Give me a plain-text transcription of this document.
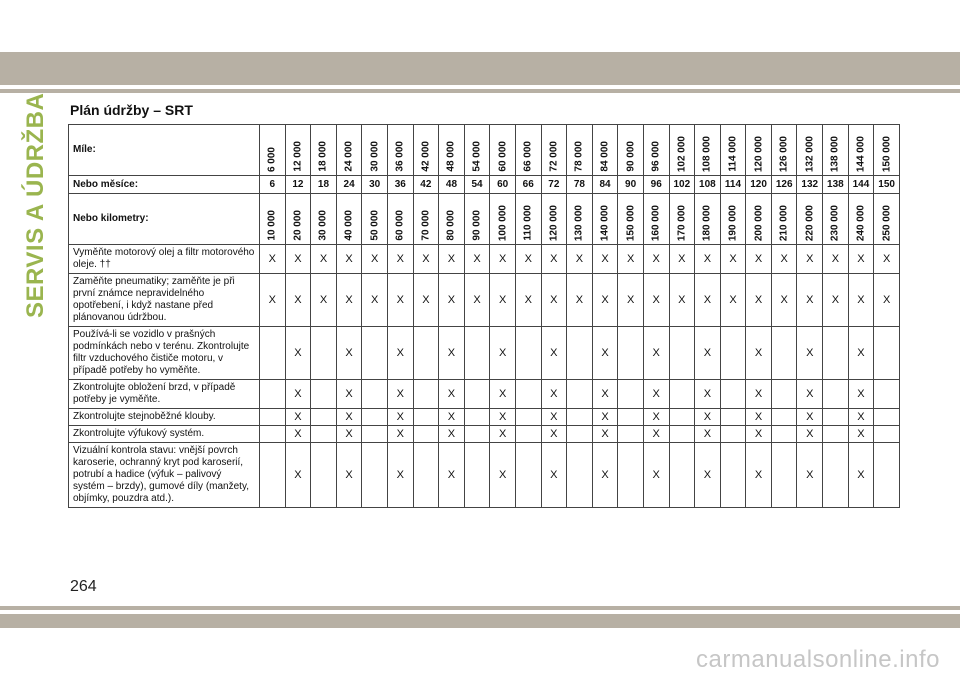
SERVIS A ÚDRŽBA Plán údržby – SRT
Míle:	6 000	12 000	18 000	24 000	30 000	36 000	42 000	48 000	54 000	60 000	66 000	72 000	78 000	84 000	90 000	96 000	102 000	108 000	114 000	120 000	126 000	132 000	138 000	144 000	150 000

Nebo měsíce:	6	12	18	24	30	36	42	48	54	60	66	72	78	84	90	96	102	108	114	120	126	132	138	144	150
Nebo kilometry:	10 000	20 000	30 000	40 000	50 000	60 000	70 000	80 000	90 000	100 000	110 000	120 000	130 000	140 000	150 000	160 000	170 000	180 000	190 000	200 000	210 000	220 000	230 000	240 000	250 000

Vyměňte motorový olej a filtr motorového oleje. ††	X	X	X	X	X	X	X	X	X	X	X	X	X	X	X	X	X	X	X	X	X	X	X	X	X
Zaměňte pneumatiky; zaměňte je při první známce nepravidelného opotřebení, i když nastane před plánovanou údržbou.	X	X	X	X	X	X	X	X	X	X	X	X	X	X	X	X	X	X	X	X	X	X	X	X	X
Používá-li se vozidlo v prašných podmínkách nebo v terénu. Zkontrolujte filtr vzduchového čističe motoru, v případě potřeby ho vyměňte.		X		X		X		X		X		X		X		X		X		X		X		X	
Zkontrolujte obložení brzd, v případě potřeby je vyměňte.		X		X		X		X		X		X		X		X		X		X		X		X	
Zkontrolujte stejnoběžné klouby.		X		X		X		X		X		X		X		X		X		X		X		X	
Zkontrolujte výfukový systém.		X		X		X		X		X		X		X		X		X		X		X		X	
Vizuální kontrola stavu: vnější povrch karoserie, ochranný kryt pod karoserií, potrubí a hadice (výfuk – palivový systém – brzdy), gumové díly (manžety, objímky, pouzdra atd.).		X		X		X		X		X		X		X		X		X		X		X		X	
264
carmanualsonline.info
